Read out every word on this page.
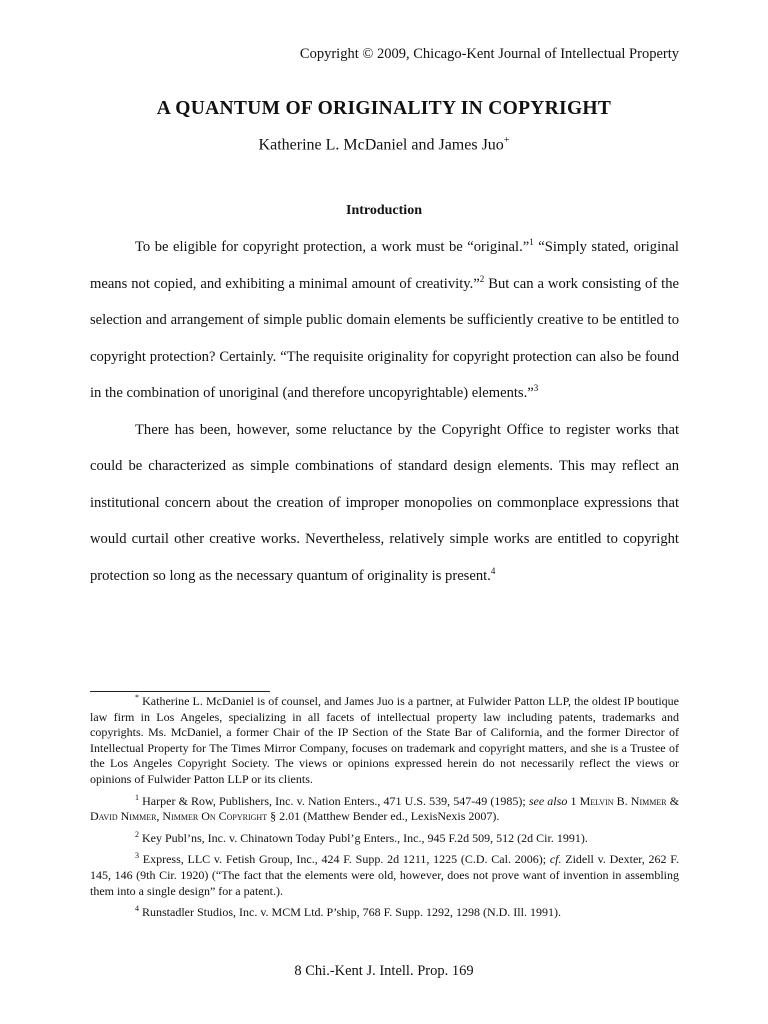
Copyright © 2009, Chicago-Kent Journal of Intellectual Property
A QUANTUM OF ORIGINALITY IN COPYRIGHT
Katherine L. McDaniel and James Juo+
Introduction

To be eligible for copyright protection, a work must be “original.”$^1$ “Simply stated, original means not copied, and exhibiting a minimal amount of creativity.”$^2$ But can a work consisting of the selection and arrangement of simple public domain elements be sufficiently creative to be entitled to copyright protection? Certainly. “The requisite originality for copyright protection can also be found in the combination of unoriginal (and therefore uncopyrightable) elements.”$^3$

There has been, however, some reluctance by the Copyright Office to register works that could be characterized as simple combinations of standard design elements. This may reflect an institutional concern about the creation of improper monopolies on commonplace expressions that would curtail other creative works. Nevertheless, relatively simple works are entitled to copyright protection so long as the necessary quantum of originality is present.$^4$

* Katherine L. McDaniel is of counsel, and James Juo is a partner, at Fulwider Patton LLP, the oldest IP boutique law firm in Los Angeles, specializing in all facets of intellectual property law including patents, trademarks and copyrights. Ms. McDaniel, a former Chair of the IP Section of the State Bar of California, and the former Director of Intellectual Property for The Times Mirror Company, focuses on trademark and copyright matters, and she is a Trustee of the Los Angeles Copyright Society. The views or opinions expressed herein do not necessarily reflect the views or opinions of Fulwider Patton LLP or its clients.

$^1$ Harper & Row, Publishers, Inc. v. Nation Enters., 471 U.S. 539, 547-49 (1985); see also 1 Melvin B. Nimmer & David Nimmer, Nimmer On Copyright § 2.01 (Matthew Bender ed., LexisNexis 2007).

$^2$ Key Publ’ns, Inc. v. Chinatown Today Publ’g Enters., Inc., 945 F.2d 509, 512 (2d Cir. 1991).

$^3$ Express, LLC v. Fetish Group, Inc., 424 F. Supp. 2d 1211, 1225 (C.D. Cal. 2006); cf. Zidell v. Dexter, 262 F. 145, 146 (9th Cir. 1920) (“The fact that the elements were old, however, does not prove want of invention in assembling them into a single design” for a patent.).

$^4$ Runstadler Studios, Inc. v. MCM Ltd. P’ship, 768 F. Supp. 1292, 1298 (N.D. Ill. 1991).

8 Chi.-Kent J. Intell. Prop. 169
